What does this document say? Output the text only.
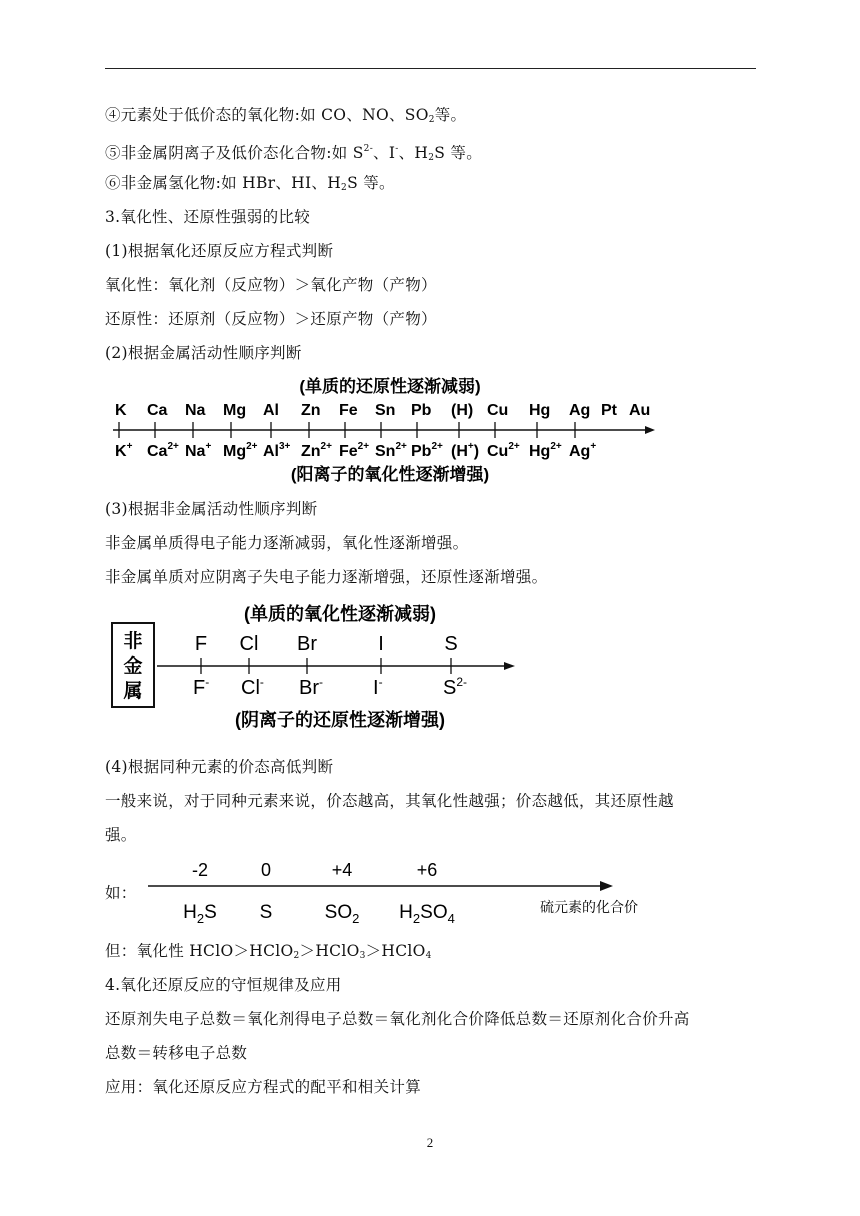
④元素处于低价态的氧化物:如 CO、NO、$SO_2$等。
⑤非金属阴离子及低价态化合物:如 $S^{2-}$、I-、$H_2S$ 等。
⑥非金属氢化物:如 HBr、HI、$H_2S$ 等。
3.氧化性、还原性强弱的比较
(1)根据氧化还原反应方程式判断
氧化性：氧化剂（反应物）＞氧化产物（产物）
还原性：还原剂（反应物）＞还原产物（产物）
(2)根据金属活动性顺序判断
(单质的还原性逐渐减弱)
K Ca Na Mg Al Zn Fe Sn Pb (H) Cu Hg Ag Pt Au
K+ $Ca^{2+}$ Na+ $Mg^{2+}$ $Al^{3+}$ $Zn^{2+}$ $Fe^{2+}$ $Sn^{2+}$ $Pb^{2+}$ (H+) $Cu^{2+}$ $Hg^{2+}$ Ag+
(阳离子的氧化性逐渐增强)
(3)根据非金属活动性顺序判断
非金属单质得电子能力逐渐减弱，氧化性逐渐增强。
非金属单质对应阴离子失电子能力逐渐增强，还原性逐渐增强。
非
金
属
(单质的氧化性逐渐减弱)
F Cl Br	I	S
F- Cl- Br-	I-	$S^{2-}$
(阴离子的还原性逐渐增强)
(4)根据同种元素的价态高低判断
一般来说，对于同种元素来说，价态越高，其氧化性越强；价态越低，其还原性越
强。
如：
-2	0	+4	+6
$H_2S$ S	$SO_2$ $H_2SO_4$
硫元素的化合价
但：氧化性 HClO＞HClO$_2$＞HClO$_3$＞HClO$_4$
4.氧化还原反应的守恒规律及应用
还原剂失电子总数＝氧化剂得电子总数＝氧化剂化合价降低总数＝还原剂化合价升高
总数＝转移电子总数
应用：氧化还原反应方程式的配平和相关计算
2
